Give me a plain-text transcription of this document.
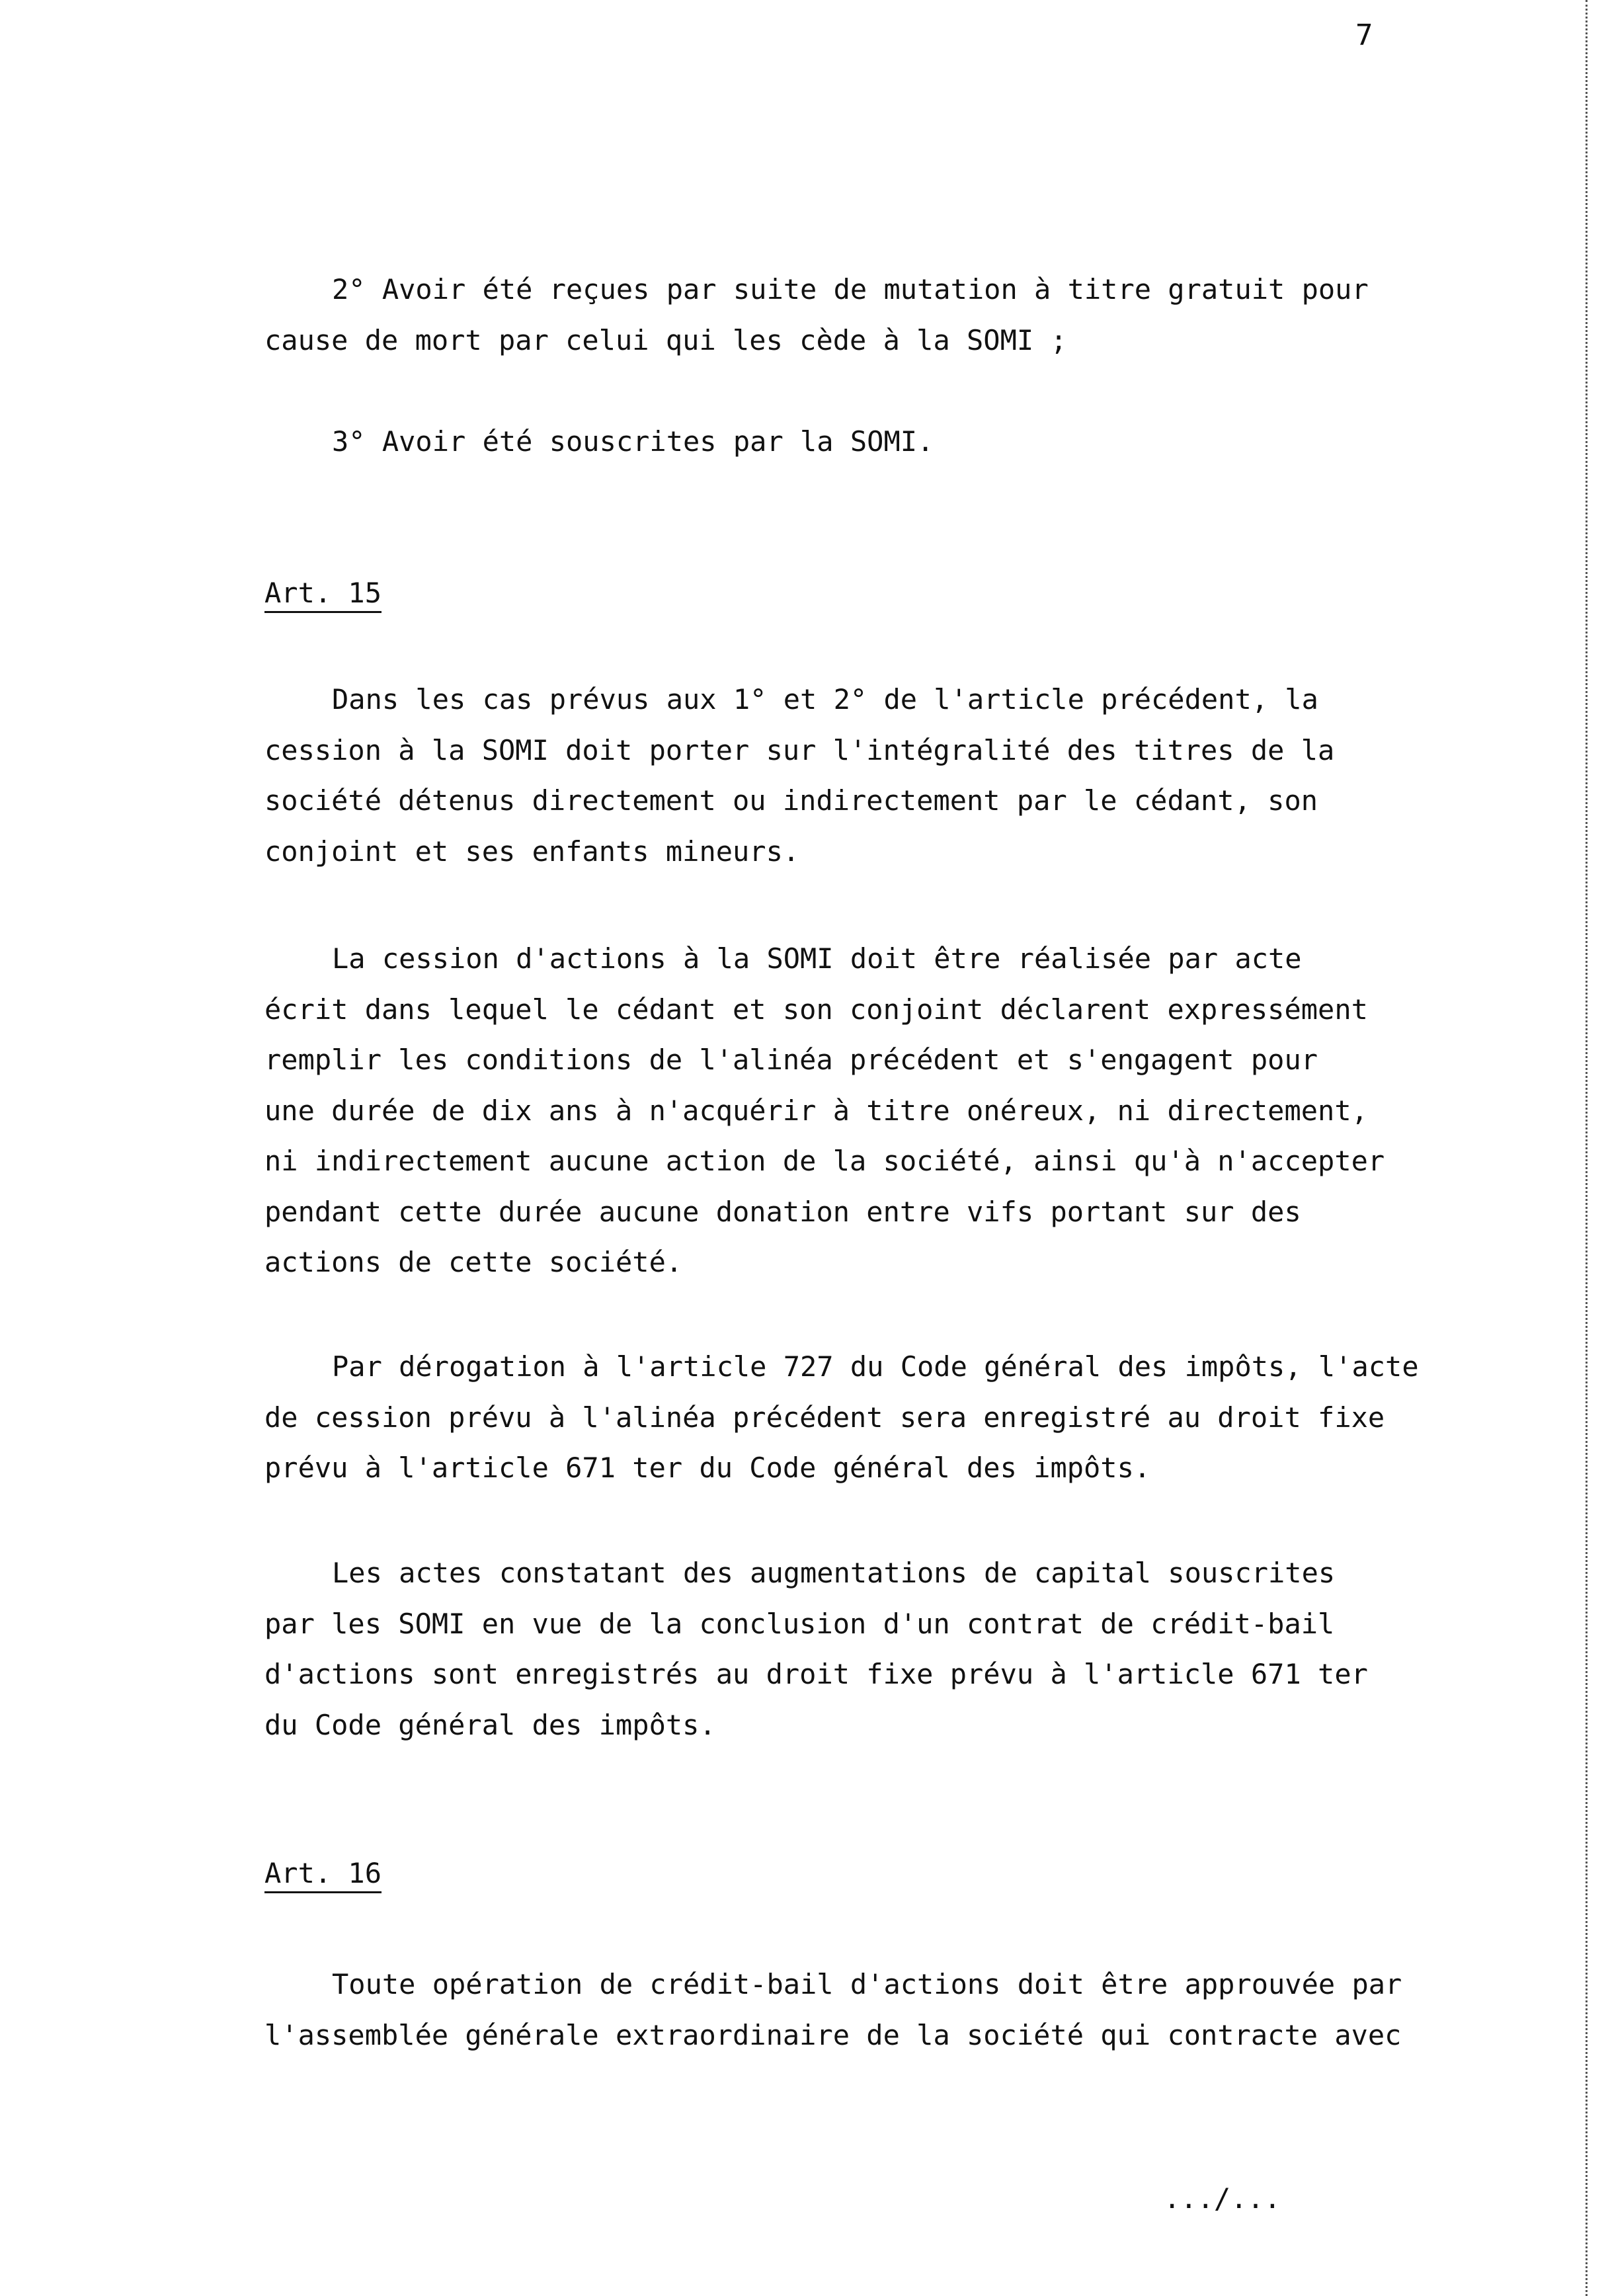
7
2° Avoir été reçues par suite de mutation à titre gratuit pour
cause de mort par celui qui les cède à la SOMI ;
3° Avoir été souscrites par la SOMI.
Art. 15
Dans les cas prévus aux 1° et 2° de l'article précédent, la
cession à la SOMI doit porter sur l'intégralité des titres de la
société détenus directement ou indirectement par le cédant, son
conjoint et ses enfants mineurs.
La cession d'actions à la SOMI doit être réalisée par acte
écrit dans lequel le cédant et son conjoint déclarent expressément
remplir les conditions de l'alinéa précédent et s'engagent pour
une durée de dix ans à n'acquérir à titre onéreux, ni directement,
ni indirectement aucune action de la société, ainsi qu'à n'accepter
pendant cette durée aucune donation entre vifs portant sur des
actions de cette société.
Par dérogation à l'article 727 du Code général des impôts, l'acte
de cession prévu à l'alinéa précédent sera enregistré au droit fixe
prévu à l'article 671 ter du Code général des impôts.
Les actes constatant des augmentations de capital souscrites
par les SOMI en vue de la conclusion d'un contrat de crédit-bail
d'actions sont enregistrés au droit fixe prévu à l'article 671 ter
du Code général des impôts.
Art. 16
Toute opération de crédit-bail d'actions doit être approuvée par
l'assemblée générale extraordinaire de la société qui contracte avec
.../...
